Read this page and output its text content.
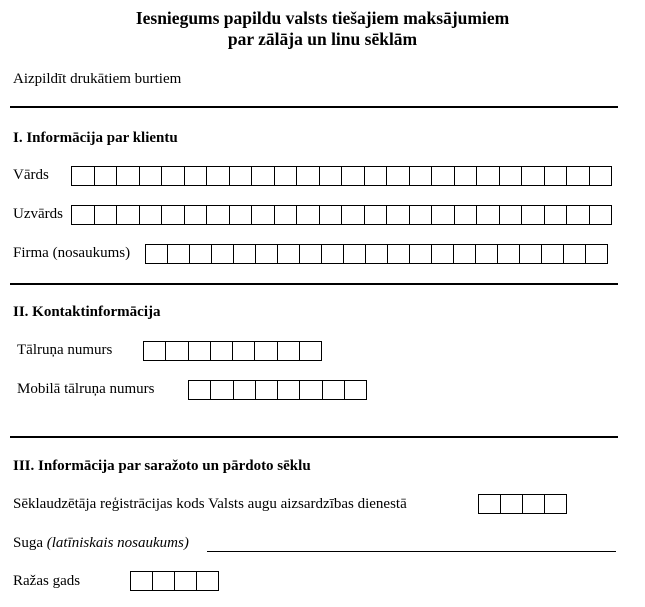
Iesniegums papildu valsts tiešajiem maksājumiem
par zālāja un linu sēklām
Aizpildīt drukātiem burtiem
I. Informācija par klientu
Vārds
Uzvārds
Firma (nosaukums)
II. Kontaktinformācija
Tālruņa numurs
Mobilā tālruņa numurs
III. Informācija par saražoto un pārdoto sēklu
Sēklaudzētāja reģistrācijas kods Valsts augu aizsardzības dienestā
Suga (latīniskais nosaukums)
Ražas gads
